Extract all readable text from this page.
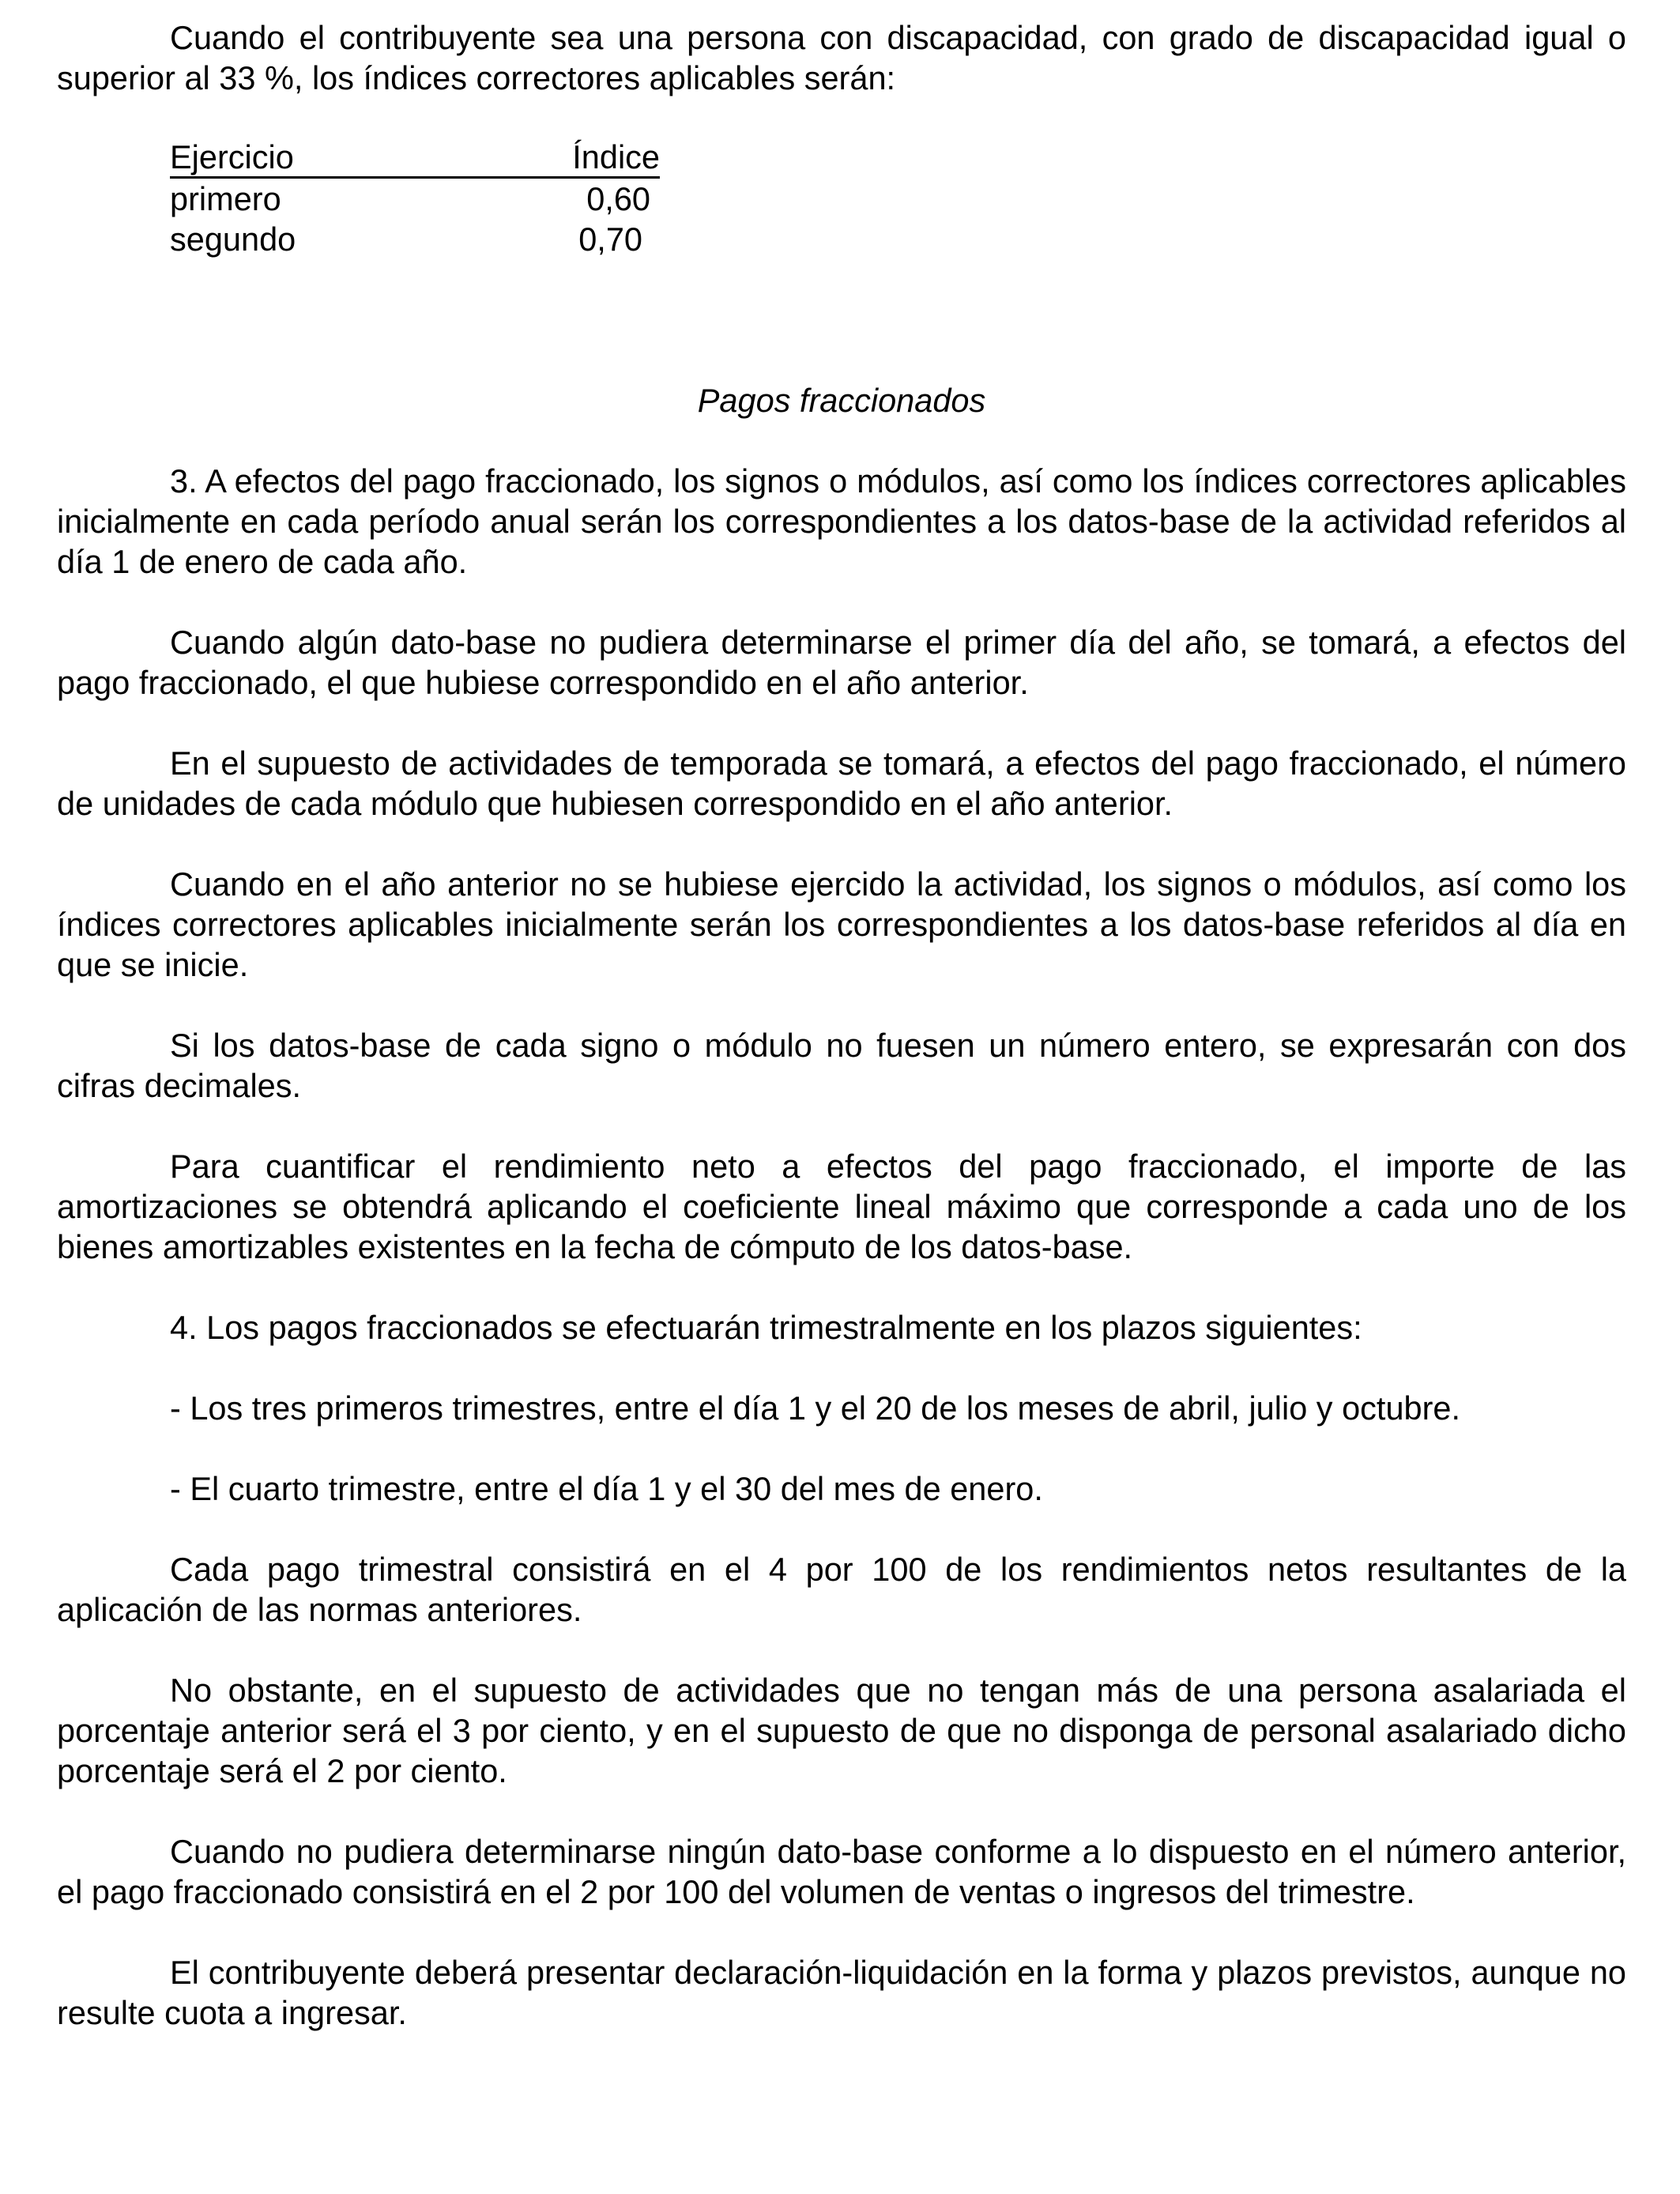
Cuando el contribuyente sea una persona con discapacidad, con grado de discapacidad igual o superior al 33 %, los índices correctores aplicables serán:

Ejercicio	Índice
primero	0,60
segundo	0,70
Pagos fraccionados

3. A efectos del pago fraccionado, los signos o módulos, así como los índices correctores aplicables inicialmente en cada período anual serán los correspondientes a los datos-base de la actividad referidos al día 1 de enero de cada año.

Cuando algún dato-base no pudiera determinarse el primer día del año, se tomará, a efectos del pago fraccionado, el que hubiese correspondido en el año anterior.

En el supuesto de actividades de temporada se tomará, a efectos del pago fraccionado, el número de unidades de cada módulo que hubiesen correspondido en el año anterior.

Cuando en el año anterior no se hubiese ejercido la actividad, los signos o módulos, así como los índices correctores aplicables inicialmente serán los correspondientes a los datos-base referidos al día en que se inicie.

Si los datos-base de cada signo o módulo no fuesen un número entero, se expresarán con dos cifras decimales.

Para cuantificar el rendimiento neto a efectos del pago fraccionado, el importe de las amortizaciones se obtendrá aplicando el coeficiente lineal máximo que corresponde a cada uno de los bienes amortizables existentes en la fecha de cómputo de los datos-base.

4. Los pagos fraccionados se efectuarán trimestralmente en los plazos siguientes:

- Los tres primeros trimestres, entre el día 1 y el 20 de los meses de abril, julio y octubre.

- El cuarto trimestre, entre el día 1 y el 30 del mes de enero.

Cada pago trimestral consistirá en el 4 por 100 de los rendimientos netos resultantes de la aplicación de las normas anteriores.

No obstante, en el supuesto de actividades que no tengan más de una persona asalariada el porcentaje anterior será el 3 por ciento, y en el supuesto de que no disponga de personal asalariado dicho porcentaje será el 2 por ciento.

Cuando no pudiera determinarse ningún dato-base conforme a lo dispuesto en el número anterior, el pago fraccionado consistirá en el 2 por 100 del volumen de ventas o ingresos del trimestre.

El contribuyente deberá presentar declaración-liquidación en la forma y plazos previstos, aunque no resulte cuota a ingresar.
